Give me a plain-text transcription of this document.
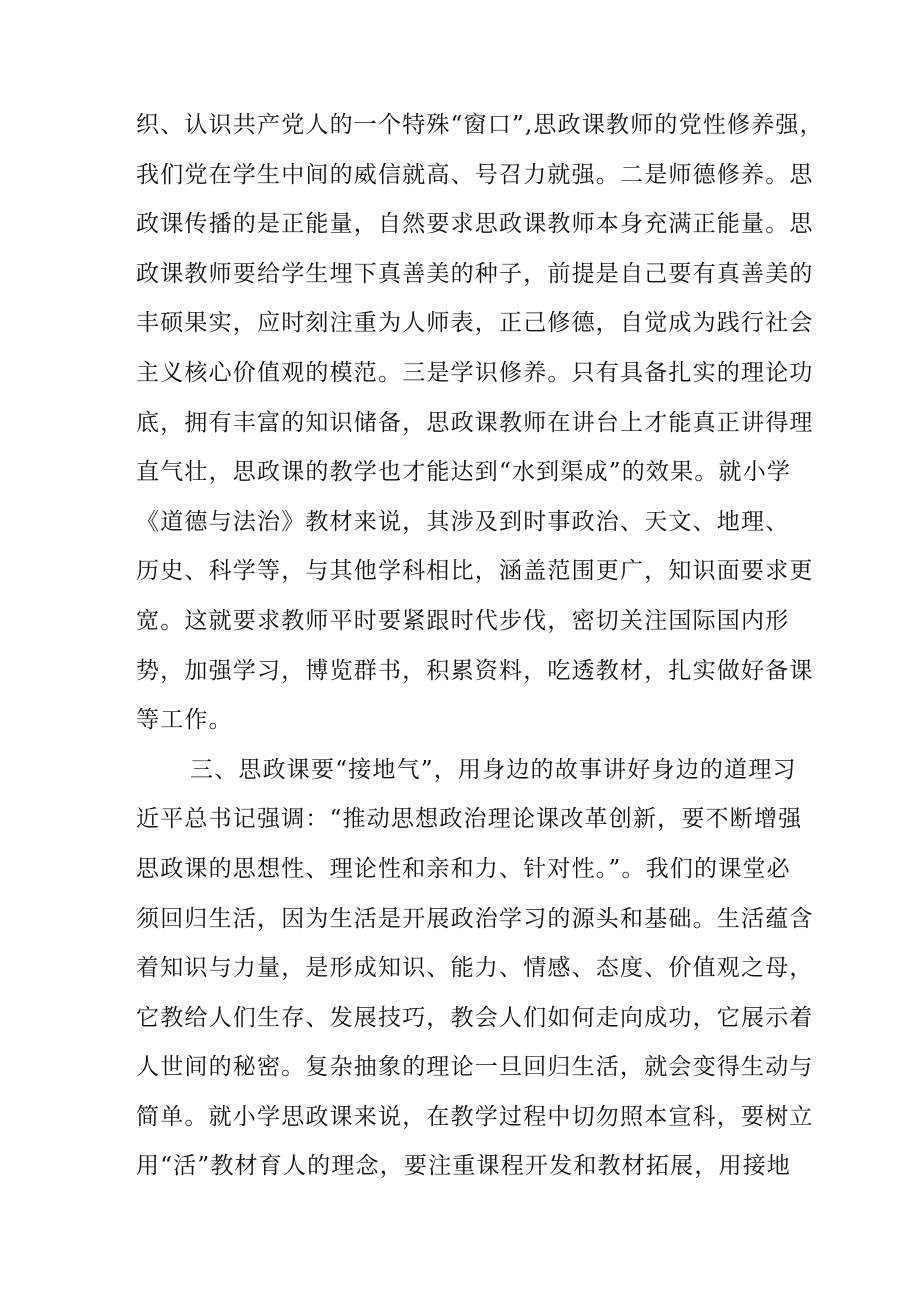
织、认识共产党人的一个特殊“窗口”,思政课教师的党性修养强，
我们党在学生中间的威信就高、号召力就强。二是师德修养。思
政课传播的是正能量，自然要求思政课教师本身充满正能量。思
政课教师要给学生埋下真善美的种子，前提是自己要有真善美的
丰硕果实，应时刻注重为人师表，正己修德，自觉成为践行社会
主义核心价值观的模范。三是学识修养。只有具备扎实的理论功
底，拥有丰富的知识储备，思政课教师在讲台上才能真正讲得理
直气壮，思政课的教学也才能达到“水到渠成”的效果。就小学
《道德与法治》教材来说，其涉及到时事政治、天文、地理、
历史、科学等，与其他学科相比，涵盖范围更广，知识面要求更
宽。这就要求教师平时要紧跟时代步伐，密切关注国际国内形
势，加强学习，博览群书，积累资料，吃透教材，扎实做好备课
等工作。
三、思政课要“接地气”，用身边的故事讲好身边的道理习
近平总书记强调：“推动思想政治理论课改革创新，要不断增强
思政课的思想性、理论性和亲和力、针对性。”。我们的课堂必
须回归生活，因为生活是开展政治学习的源头和基础。生活蕴含
着知识与力量，是形成知识、能力、情感、态度、价值观之母，
它教给人们生存、发展技巧，教会人们如何走向成功，它展示着
人世间的秘密。复杂抽象的理论一旦回归生活，就会变得生动与
简单。就小学思政课来说，在教学过程中切勿照本宣科，要树立
用“活”教材育人的理念，要注重课程开发和教材拓展，用接地
